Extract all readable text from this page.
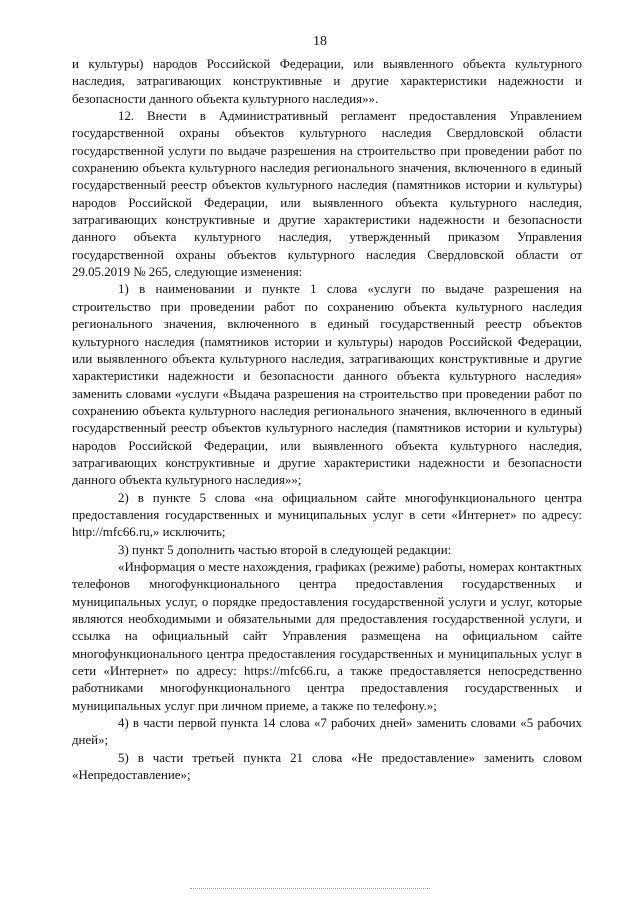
18

и культуры) народов Российской Федерации, или выявленного объекта культурного наследия, затрагивающих конструктивные и другие характеристики надежности и безопасности данного объекта культурного наследия»».

12. Внести в Административный регламент предоставления Управлением государственной охраны объектов культурного наследия Свердловской области государственной услуги по выдаче разрешения на строительство при проведении работ по сохранению объекта культурного наследия регионального значения, включенного в единый государственный реестр объектов культурного наследия (памятников истории и культуры) народов Российской Федерации, или выявленного объекта культурного наследия, затрагивающих конструктивные и другие характеристики надежности и безопасности данного объекта культурного наследия, утвержденный приказом Управления государственной охраны объектов культурного наследия Свердловской области от 29.05.2019 № 265, следующие изменения:

1) в наименовании и пункте 1 слова «услуги по выдаче разрешения на строительство при проведении работ по сохранению объекта культурного наследия регионального значения, включенного в единый государственный реестр объектов культурного наследия (памятников истории и культуры) народов Российской Федерации, или выявленного объекта культурного наследия, затрагивающих конструктивные и другие характеристики надежности и безопасности данного объекта культурного наследия» заменить словами «услуги «Выдача разрешения на строительство при проведении работ по сохранению объекта культурного наследия регионального значения, включенного в единый государственный реестр объектов культурного наследия (памятников истории и культуры) народов Российской Федерации, или выявленного объекта культурного наследия, затрагивающих конструктивные и другие характеристики надежности и безопасности данного объекта культурного наследия»»;

2) в пункте 5 слова «на официальном сайте многофункционального центра предоставления государственных и муниципальных услуг в сети «Интернет» по адресу: http://mfc66.ru,» исключить;

3) пункт 5 дополнить частью второй в следующей редакции:

«Информация о месте нахождения, графиках (режиме) работы, номерах контактных телефонов многофункционального центра предоставления государственных и муниципальных услуг, о порядке предоставления государственной услуги и услуг, которые являются необходимыми и обязательными для предоставления государственной услуги, и ссылка на официальный сайт Управления размещена на официальном сайте многофункционального центра предоставления государственных и муниципальных услуг в сети «Интернет» по адресу: https://mfc66.ru, а также предоставляется непосредственно работниками многофункционального центра предоставления государственных и муниципальных услуг при личном приеме, а также по телефону.»;

4) в части первой пункта 14 слова «7 рабочих дней» заменить словами «5 рабочих дней»;

5) в части третьей пункта 21 слова «Не предоставление» заменить словом «Непредоставление»;
